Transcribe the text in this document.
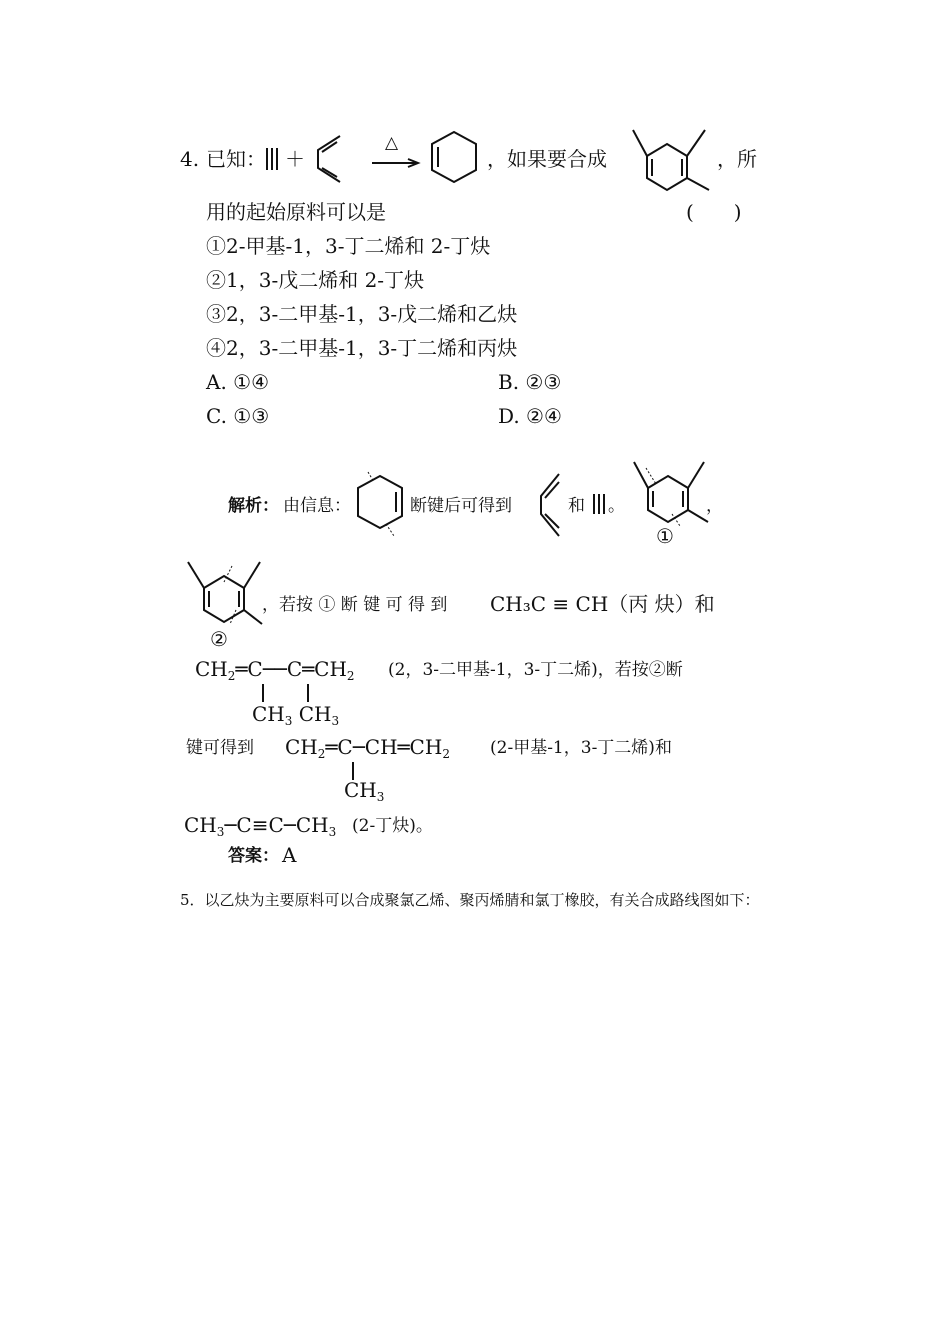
4. 已知： ＋
△
，如果要合成	，所
用的起始原料可以是	(　　)
①2-甲基-1，3-丁二烯和 2-丁炔
②1，3-戊二烯和 2-丁炔
③2，3-二甲基-1，3-戊二烯和乙炔
④2，3-二甲基-1，3-丁二烯和丙炔
A. ①④	B. ②③
C. ①③	D. ②④
解析： 由信息：	断键后可得到	和 。	，
①
②
，若按 ① 断 键 可 得 到 CH₃C ≡ CH（丙 炔）和
$CH_2═C──C═CH_2$
$CH_3$ $CH_3$
(2，3-二甲基-1，3-丁二烯)，若按②断
键可得到 $CH_2═C─CH═CH_2$
$CH_3$
(2-甲基-1，3-丁二烯)和
$CH_3─C\equiv C─CH_3$ (2-丁炔)。
答案： A
5．以乙炔为主要原料可以合成聚氯乙烯、聚丙烯腈和氯丁橡胶，有关合成路线图如下：
